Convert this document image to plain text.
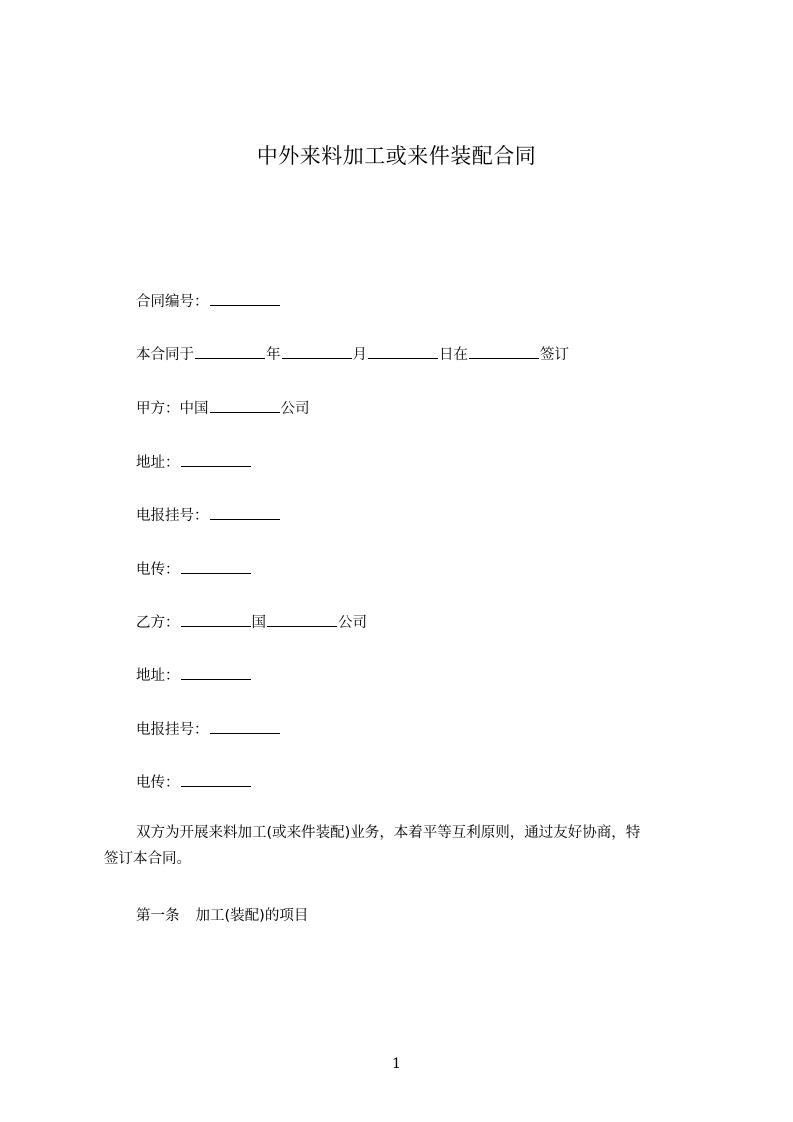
中外来料加工或来件装配合同
合同编号：
本合同于	年	月	日在	签订
甲方：中国	公司
地址：
电报挂号：
电传：
乙方：	国	公司
地址：
电报挂号：
电传：
双方为开展来料加工(或来件装配)业务，本着平等互利原则，通过友好协商，特
签订本合同。
第一条 加工(装配)的项目
1
